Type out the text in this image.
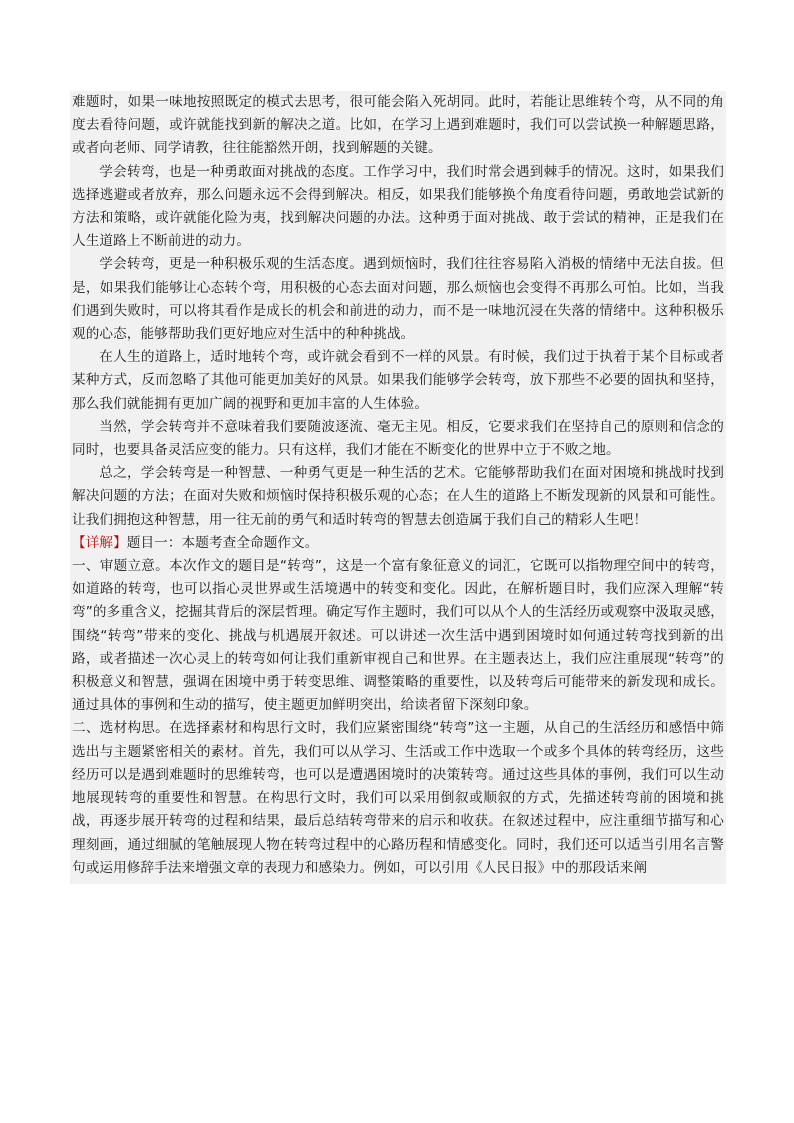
难题时，如果一味地按照既定的模式去思考，很可能会陷入死胡同。此时，若能让思维转个弯，从不同的角度去看待问题，或许就能找到新的解决之道。比如，在学习上遇到难题时，我们可以尝试换一种解题思路，或者向老师、同学请教，往往能豁然开朗，找到解题的关键。

学会转弯，也是一种勇敢面对挑战的态度。工作学习中，我们时常会遇到棘手的情况。这时，如果我们选择逃避或者放弃，那么问题永远不会得到解决。相反，如果我们能够换个角度看待问题，勇敢地尝试新的方法和策略，或许就能化险为夷，找到解决问题的办法。这种勇于面对挑战、敢于尝试的精神，正是我们在人生道路上不断前进的动力。

学会转弯，更是一种积极乐观的生活态度。遇到烦恼时，我们往往容易陷入消极的情绪中无法自拔。但是，如果我们能够让心态转个弯，用积极的心态去面对问题，那么烦恼也会变得不再那么可怕。比如，当我们遇到失败时，可以将其看作是成长的机会和前进的动力，而不是一味地沉浸在失落的情绪中。这种积极乐观的心态，能够帮助我们更好地应对生活中的种种挑战。

在人生的道路上，适时地转个弯，或许就会看到不一样的风景。有时候，我们过于执着于某个目标或者某种方式，反而忽略了其他可能更加美好的风景。如果我们能够学会转弯，放下那些不必要的固执和坚持，那么我们就能拥有更加广阔的视野和更加丰富的人生体验。

当然，学会转弯并不意味着我们要随波逐流、毫无主见。相反，它要求我们在坚持自己的原则和信念的同时，也要具备灵活应变的能力。只有这样，我们才能在不断变化的世界中立于不败之地。

总之，学会转弯是一种智慧、一种勇气更是一种生活的艺术。它能够帮助我们在面对困境和挑战时找到解决问题的方法；在面对失败和烦恼时保持积极乐观的心态；在人生的道路上不断发现新的风景和可能性。让我们拥抱这种智慧，用一往无前的勇气和适时转弯的智慧去创造属于我们自己的精彩人生吧！

【详解】题目一：本题考查全命题作文。

一、审题立意。本次作文的题目是“转弯”，这是一个富有象征意义的词汇，它既可以指物理空间中的转弯，如道路的转弯，也可以指心灵世界或生活境遇中的转变和变化。因此，在解析题目时，我们应深入理解“转弯”的多重含义，挖掘其背后的深层哲理。确定写作主题时，我们可以从个人的生活经历或观察中汲取灵感，围绕“转弯”带来的变化、挑战与机遇展开叙述。可以讲述一次生活中遇到困境时如何通过转弯找到新的出路，或者描述一次心灵上的转弯如何让我们重新审视自己和世界。在主题表达上，我们应注重展现“转弯”的积极意义和智慧，强调在困境中勇于转变思维、调整策略的重要性，以及转弯后可能带来的新发现和成长。通过具体的事例和生动的描写，使主题更加鲜明突出，给读者留下深刻印象。

二、选材构思。在选择素材和构思行文时，我们应紧密围绕“转弯”这一主题，从自己的生活经历和感悟中筛选出与主题紧密相关的素材。首先，我们可以从学习、生活或工作中选取一个或多个具体的转弯经历，这些经历可以是遇到难题时的思维转弯，也可以是遭遇困境时的决策转弯。通过这些具体的事例，我们可以生动地展现转弯的重要性和智慧。在构思行文时，我们可以采用倒叙或顺叙的方式，先描述转弯前的困境和挑战，再逐步展开转弯的过程和结果，最后总结转弯带来的启示和收获。在叙述过程中，应注重细节描写和心理刻画，通过细腻的笔触展现人物在转弯过程中的心路历程和情感变化。同时，我们还可以适当引用名言警句或运用修辞手法来增强文章的表现力和感染力。例如，可以引用《人民日报》中的那段话来阐
